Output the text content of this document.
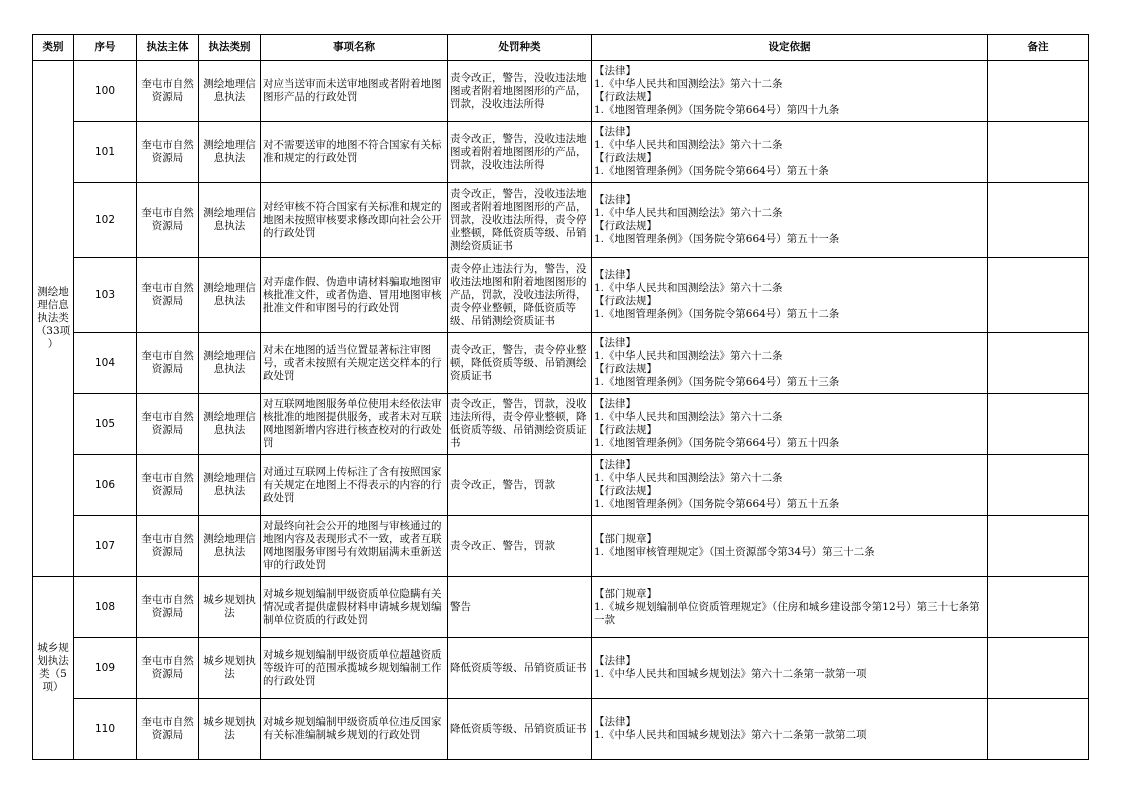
类别	序号	执法主体	执法类别	事项名称	处罚种类	设定依据	备注

测绘地
理信息
执法类
（33项
）	100	奎屯市自然资源局	测绘地理信息执法	对应当送审而未送审地图或者附着地图图形产品的行政处罚	责令改正，警告，没收违法地图或者附着地图图形的产品，罚款，没收违法所得	【法律】
1.《中华人民共和国测绘法》第六十二条
【行政法规】
1.《地图管理条例》（国务院令第664号）第四十九条	

	101	奎屯市自然资源局	测绘地理信息执法	对不需要送审的地图不符合国家有关标准和规定的行政处罚	责令改正，警告，没收违法地图或着附着地图图形的产品，罚款，没收违法所得	【法律】
1.《中华人民共和国测绘法》第六十二条
【行政法规】
1.《地图管理条例》（国务院令第664号）第五十条	

	102	奎屯市自然资源局	测绘地理信息执法	对经审核不符合国家有关标准和规定的地图未按照审核要求修改即向社会公开的行政处罚	责令改正，警告，没收违法地图或者附着地图图形的产品，罚款，没收违法所得，责令停业整顿，降低资质等级、吊销测绘资质证书	【法律】
1.《中华人民共和国测绘法》第六十二条
【行政法规】
1.《地图管理条例》（国务院令第664号）第五十一条	

	103	奎屯市自然资源局	测绘地理信息执法	对弄虚作假、伪造申请材料骗取地图审核批准文件，或者伪造、冒用地图审核批准文件和审图号的行政处罚	责令停止违法行为，警告，没收违法地图和附着地图图形的产品，罚款，没收违法所得，责令停业整顿，降低资质等级、吊销测绘资质证书	【法律】
1.《中华人民共和国测绘法》第六十二条
【行政法规】
1.《地图管理条例》（国务院令第664号）第五十二条	

	104	奎屯市自然资源局	测绘地理信息执法	对未在地图的适当位置显著标注审图号，或者未按照有关规定送交样本的行政处罚	责令改正，警告，责令停业整顿，降低资质等级、吊销测绘资质证书	【法律】
1.《中华人民共和国测绘法》第六十二条
【行政法规】
1.《地图管理条例》（国务院令第664号）第五十三条	

	105	奎屯市自然资源局	测绘地理信息执法	对互联网地图服务单位使用未经依法审核批准的地图提供服务，或者未对互联网地图新增内容进行核查校对的行政处罚	责令改正，警告，罚款，没收违法所得，责令停业整顿，降低资质等级、吊销测绘资质证书	【法律】
1.《中华人民共和国测绘法》第六十二条
【行政法规】
1.《地图管理条例》（国务院令第664号）第五十四条	

	106	奎屯市自然资源局	测绘地理信息执法	对通过互联网上传标注了含有按照国家有关规定在地图上不得表示的内容的行政处罚	责令改正，警告，罚款	【法律】
1.《中华人民共和国测绘法》第六十二条
【行政法规】
1.《地图管理条例》（国务院令第664号）第五十五条	

	107	奎屯市自然资源局	测绘地理信息执法	对最终向社会公开的地图与审核通过的地图内容及表现形式不一致，或者互联网地图服务审图号有效期届满未重新送审的行政处罚	责令改正、警告，罚款	【部门规章】
1.《地图审核管理规定》（国土资源部令第34号）第三十二条	

城乡规
划执法
类（5
项）	108	奎屯市自然资源局	城乡规划执法	对城乡规划编制甲级资质单位隐瞒有关情况或者提供虚假材料申请城乡规划编制单位资质的行政处罚	警告	【部门规章】
1.《城乡规划编制单位资质管理规定》（住房和城乡建设部令第12号）第三十七条第一款	

	109	奎屯市自然资源局	城乡规划执法	对城乡规划编制甲级资质单位超越资质等级许可的范围承揽城乡规划编制工作的行政处罚	降低资质等级、吊销资质证书	【法律】
1.《中华人民共和国城乡规划法》第六十二条第一款第一项	

	110	奎屯市自然资源局	城乡规划执法	对城乡规划编制甲级资质单位违反国家有关标准编制城乡规划的行政处罚	降低资质等级、吊销资质证书	【法律】
1.《中华人民共和国城乡规划法》第六十二条第一款第二项	
